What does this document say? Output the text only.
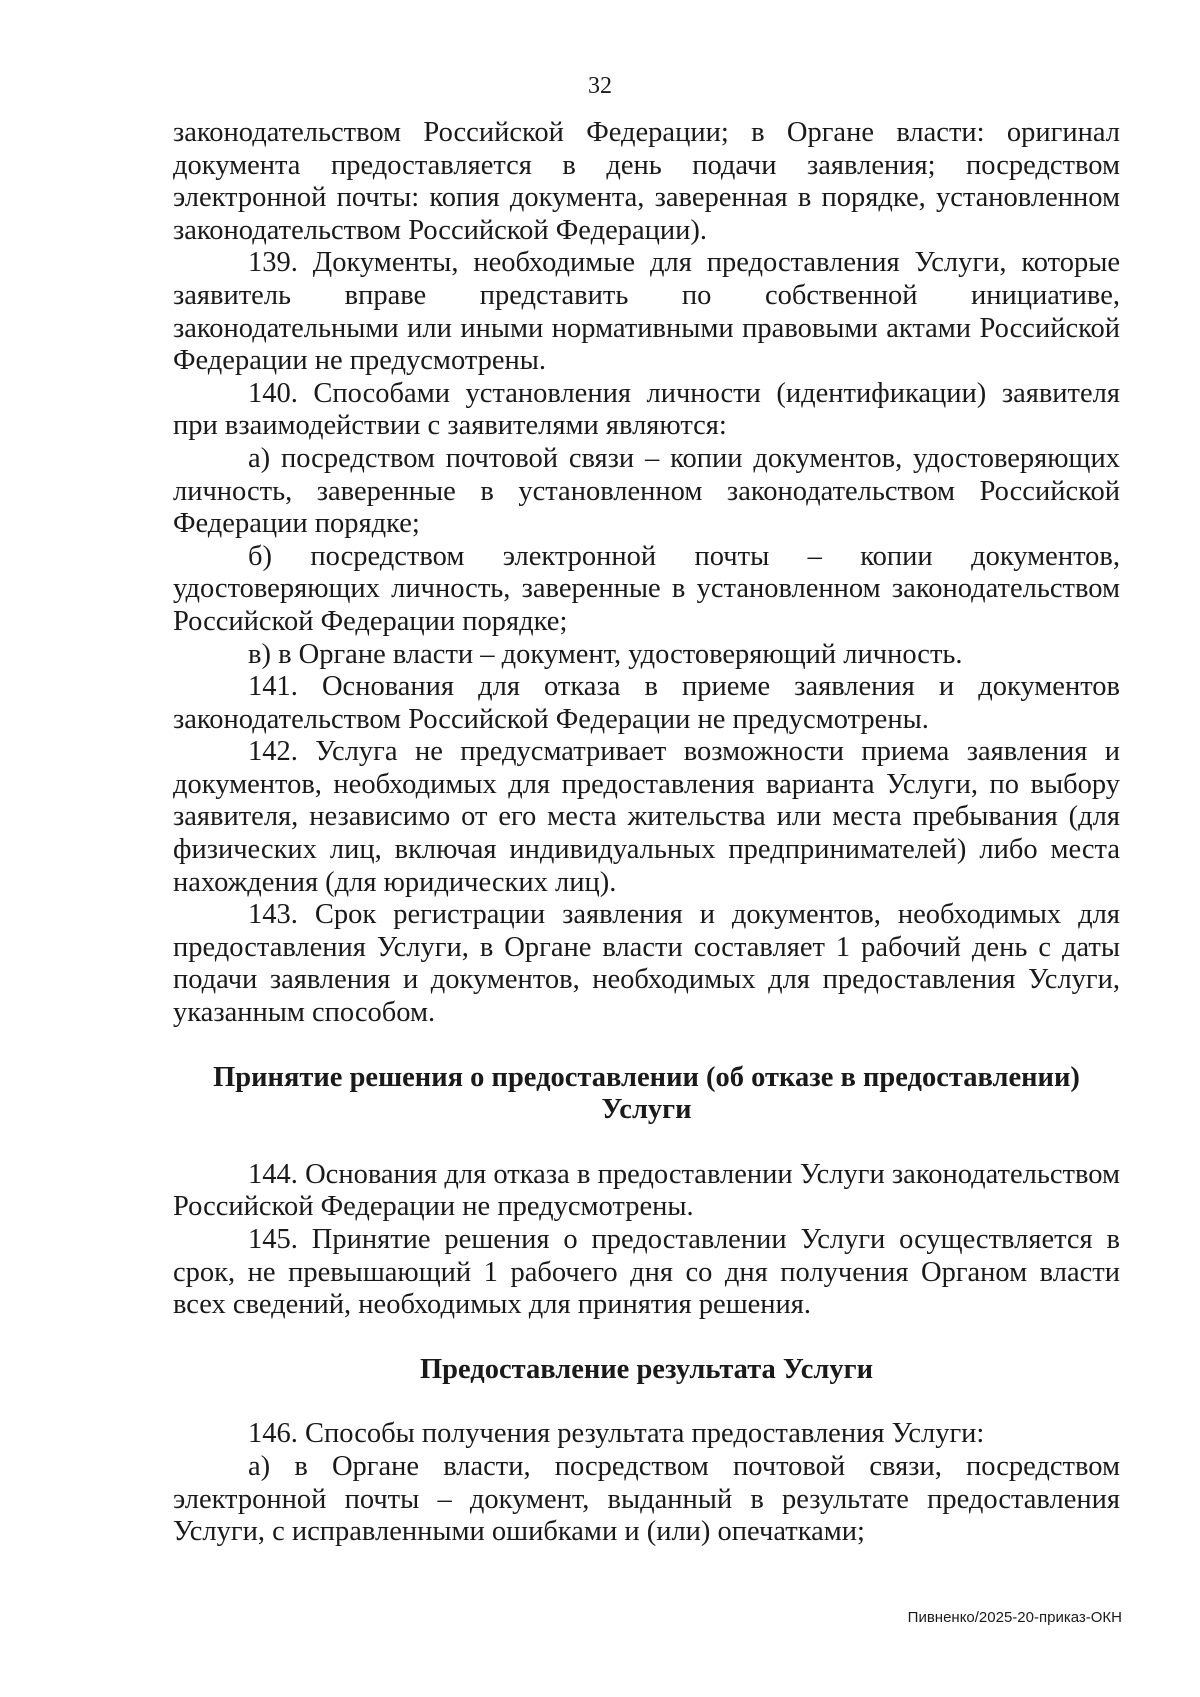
32

законодательством Российской Федерации; в Органе власти: оригинал документа предоставляется в день подачи заявления; посредством электронной почты: копия документа, заверенная в порядке, установленном законодательством Российской Федерации).

139. Документы, необходимые для предоставления Услуги, которые заявитель вправе представить по собственной инициативе, законодательными или иными нормативными правовыми актами Российской Федерации не предусмотрены.

140. Способами установления личности (идентификации) заявителя при взаимодействии с заявителями являются:

а) посредством почтовой связи – копии документов, удостоверяющих личность, заверенные в установленном законодательством Российской Федерации порядке;

б) посредством электронной почты – копии документов, удостоверяющих личность, заверенные в установленном законодательством Российской Федерации порядке;

в) в Органе власти – документ, удостоверяющий личность.

141. Основания для отказа в приеме заявления и документов законодательством Российской Федерации не предусмотрены.

142. Услуга не предусматривает возможности приема заявления и документов, необходимых для предоставления варианта Услуги, по выбору заявителя, независимо от его места жительства или места пребывания (для физических лиц, включая индивидуальных предпринимателей) либо места нахождения (для юридических лиц).

143. Срок регистрации заявления и документов, необходимых для предоставления Услуги, в Органе власти составляет 1 рабочий день с даты подачи заявления и документов, необходимых для предоставления Услуги, указанным способом.

Принятие решения о предоставлении (об отказе в предоставлении)
Услуги

144. Основания для отказа в предоставлении Услуги законодательством Российской Федерации не предусмотрены.

145. Принятие решения о предоставлении Услуги осуществляется в срок, не превышающий 1 рабочего дня со дня получения Органом власти всех сведений, необходимых для принятия решения.

Предоставление результата Услуги

146. Способы получения результата предоставления Услуги:

а) в Органе власти, посредством почтовой связи, посредством электронной почты – документ, выданный в результате предоставления Услуги, с исправленными ошибками и (или) опечатками;

Пивненко/2025-20-приказ-ОКН
